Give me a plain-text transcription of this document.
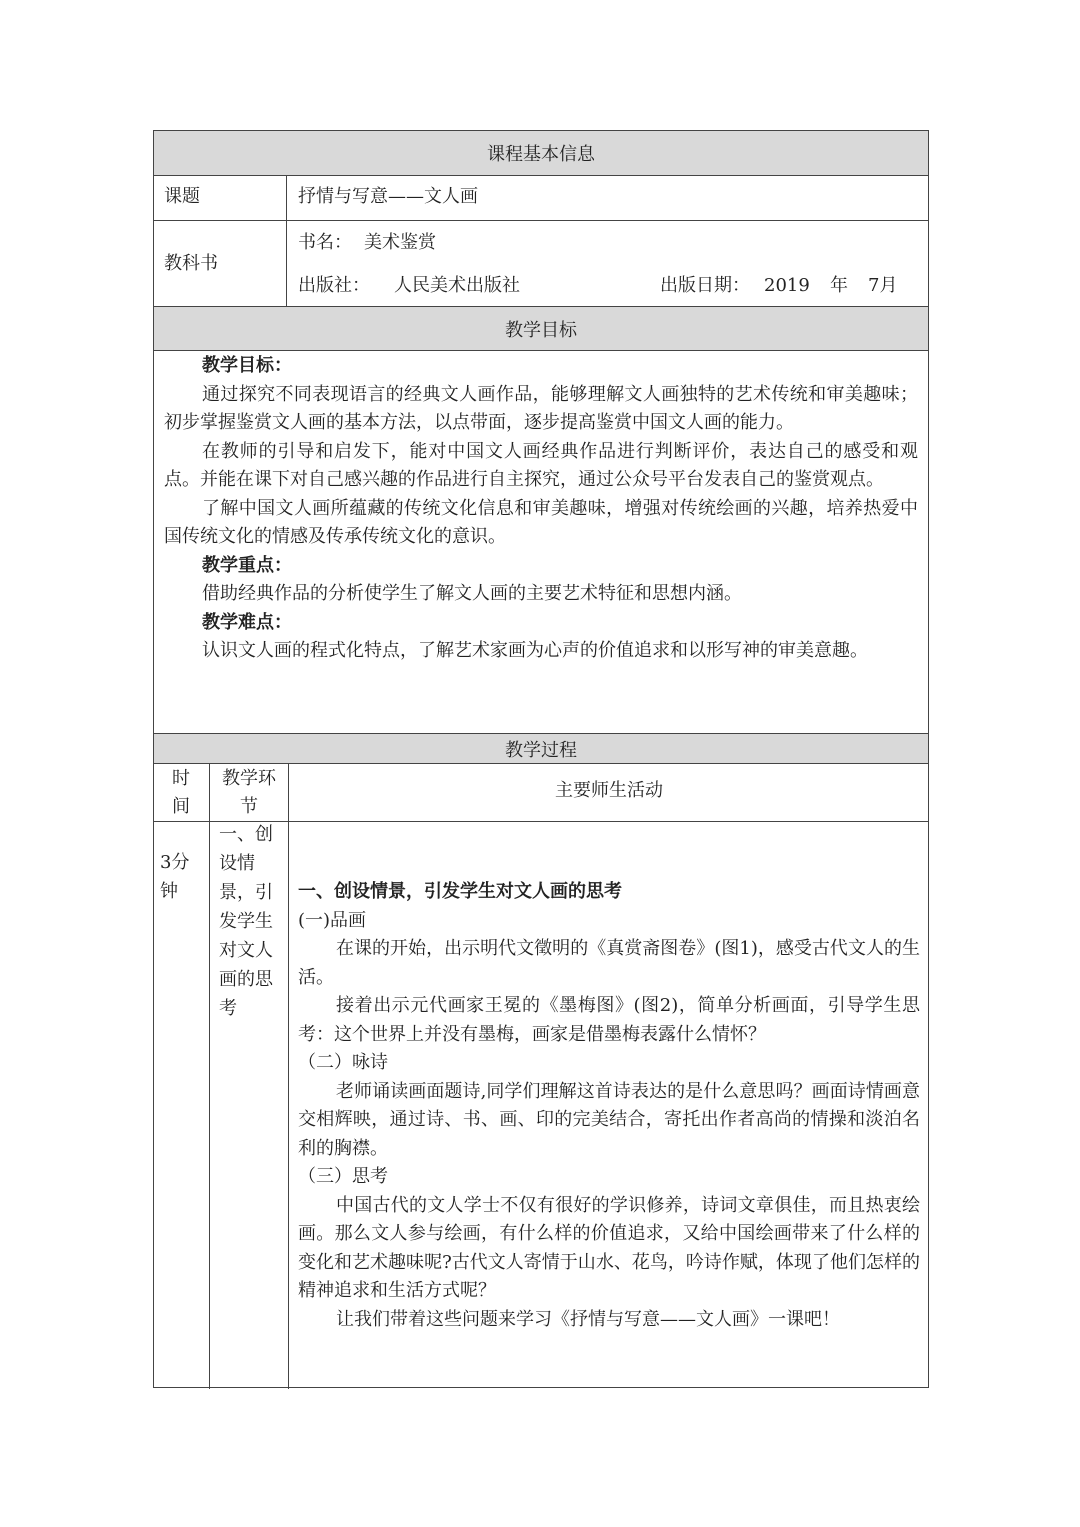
课程基本信息
课题	抒情与写意——文人画
教科书
书名： 美术鉴赏
出版社： 人民美术出版社	出版日期： 2019 年 7月
教学目标
教学目标：
通过探究不同表现语言的经典文人画作品，能够理解文人画独特的艺术传统和审美趣味；初步掌握鉴赏文人画的基本方法，以点带面，逐步提高鉴赏中国文人画的能力。
在教师的引导和启发下，能对中国文人画经典作品进行判断评价，表达自己的感受和观点。并能在课下对自己感兴趣的作品进行自主探究，通过公众号平台发表自己的鉴赏观点。
了解中国文人画所蕴藏的传统文化信息和审美趣味，增强对传统绘画的兴趣，培养热爱中国传统文化的情感及传承传统文化的意识。
教学重点：
借助经典作品的分析使学生了解文人画的主要艺术特征和思想内涵。
教学难点：
认识文人画的程式化特点，了解艺术家画为心声的价值追求和以形写神的审美意趣。
教学过程
时间
教学环节
主要师生活动
3分钟
一、创设情景，引发学生对文人画的思考
一、创设情景，引发学生对文人画的思考
(一)品画
在课的开始，出示明代文徵明的《真赏斋图卷》(图1)，感受古代文人的生活。
接着出示元代画家王冕的《墨梅图》(图2)，简单分析画面，引导学生思考：这个世界上并没有墨梅，画家是借墨梅表露什么情怀？
（二）咏诗
老师诵读画面题诗,同学们理解这首诗表达的是什么意思吗？画面诗情画意交相辉映，通过诗、书、画、印的完美结合，寄托出作者高尚的情操和淡泊名利的胸襟。
（三）思考
中国古代的文人学士不仅有很好的学识修养，诗词文章俱佳，而且热衷绘画。那么文人参与绘画，有什么样的价值追求，又给中国绘画带来了什么样的变化和艺术趣味呢?古代文人寄情于山水、花鸟，吟诗作赋，体现了他们怎样的精神追求和生活方式呢？
让我们带着这些问题来学习《抒情与写意——文人画》一课吧！
